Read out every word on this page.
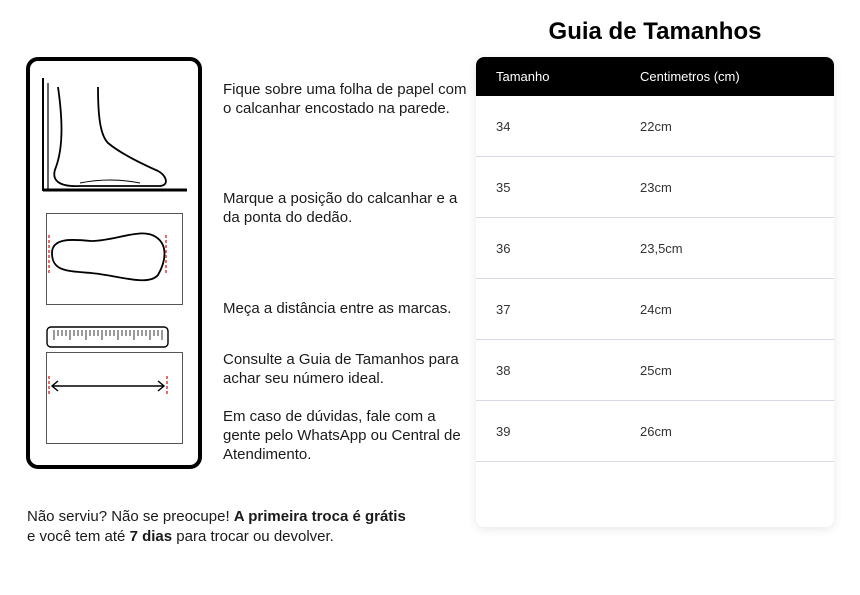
Fique sobre uma folha de papel com o calcanhar encostado na parede.
Marque a posição do calcanhar e a da ponta do dedão.
Meça a distância entre as marcas.
Consulte a Guia de Tamanhos para achar seu número ideal.
Em caso de dúvidas, fale com a gente pelo WhatsApp ou Central de Atendimento.
Não serviu? Não se preocupe! A primeira troca é grátis e você tem até 7 dias para trocar ou devolver.
Guia de Tamanhos
Tamanho	Centimetros (cm)
34	22cm
35	23cm
36	23,5cm
37	24cm
38	25cm
39	26cm
